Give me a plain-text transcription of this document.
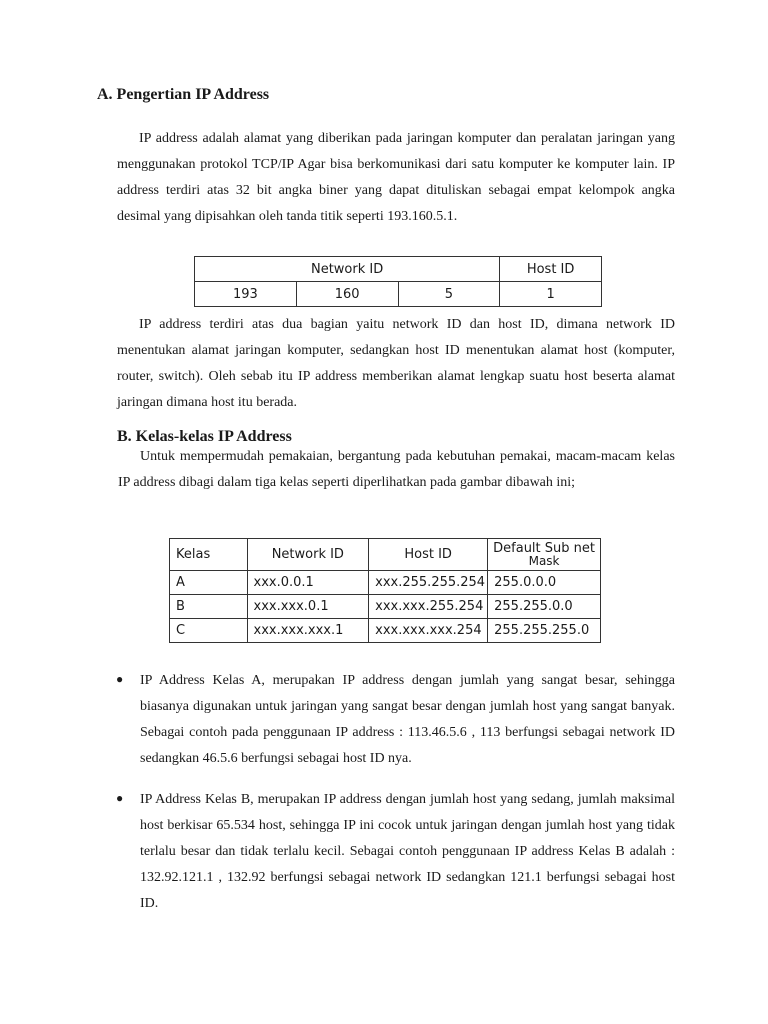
A. Pengertian IP Address

IP address adalah alamat yang diberikan pada jaringan komputer dan peralatan jaringan yang menggunakan protokol TCP/IP Agar bisa berkomunikasi dari satu komputer ke komputer lain. IP address terdiri atas 32 bit angka biner yang dapat dituliskan sebagai empat kelompok angka desimal yang dipisahkan oleh tanda titik seperti 193.160.5.1.

Network ID			Host ID
193	160	5	1

IP address terdiri atas dua bagian yaitu network ID dan host ID, dimana network ID menentukan alamat jaringan komputer, sedangkan host ID menentukan alamat host (komputer, router, switch). Oleh sebab itu IP address memberikan alamat lengkap suatu host beserta alamat jaringan dimana host itu berada.

B. Kelas-kelas IP Address

Untuk mempermudah pemakaian, bergantung pada kebutuhan pemakai, macam-macam kelas IP address dibagi dalam tiga kelas seperti diperlihatkan pada gambar dibawah ini;

Kelas	Network ID	Host ID	Default Sub net
Mask

A	xxx.0.0.1	xxx.255.255.254	255.0.0.0
B	xxx.xxx.0.1	xxx.xxx.255.254	255.255.0.0
C	xxx.xxx.xxx.1	xxx.xxx.xxx.254	255.255.255.0
● IP Address Kelas A, merupakan IP address dengan jumlah yang sangat besar, sehingga biasanya digunakan untuk jaringan yang sangat besar dengan jumlah host yang sangat banyak. Sebagai contoh pada penggunaan IP address : 113.46.5.6 , 113 berfungsi sebagai network ID sedangkan 46.5.6 berfungsi sebagai host ID nya.

● IP Address Kelas B, merupakan IP address dengan jumlah host yang sedang, jumlah maksimal host berkisar 65.534 host, sehingga IP ini cocok untuk jaringan dengan jumlah host yang tidak terlalu besar dan tidak terlalu kecil. Sebagai contoh penggunaan IP address Kelas B adalah : 132.92.121.1 , 132.92 berfungsi sebagai network ID sedangkan 121.1 berfungsi sebagai host ID.
